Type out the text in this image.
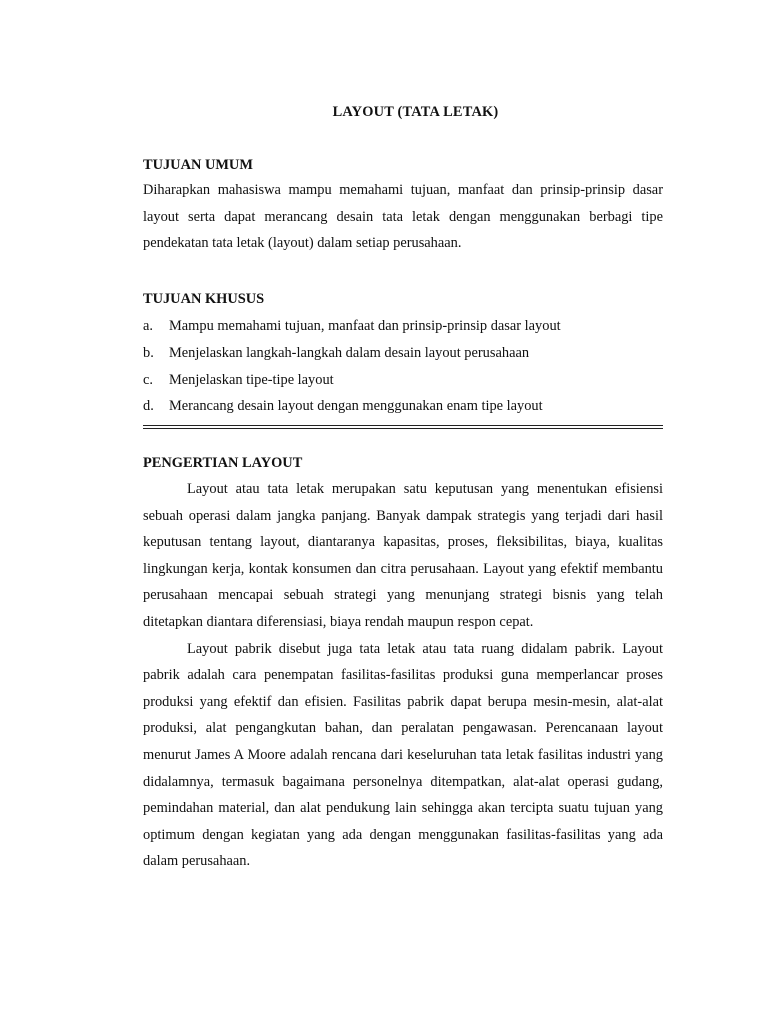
LAYOUT (TATA LETAK)

TUJUAN UMUM

Diharapkan mahasiswa mampu memahami tujuan, manfaat dan prinsip-prinsip dasar layout serta dapat merancang desain tata letak dengan menggunakan berbagi tipe pendekatan tata letak (layout) dalam setiap perusahaan.

TUJUAN KHUSUS

a.	Mampu memahami tujuan, manfaat dan prinsip-prinsip dasar layout
b.	Menjelaskan langkah-langkah dalam desain layout perusahaan
c.	Menjelaskan tipe-tipe layout
d.	Merancang desain layout dengan menggunakan enam tipe layout

PENGERTIAN LAYOUT

Layout atau tata letak merupakan satu keputusan yang menentukan efisiensi sebuah operasi dalam jangka panjang. Banyak dampak strategis yang terjadi dari hasil keputusan tentang layout, diantaranya kapasitas, proses, fleksibilitas, biaya, kualitas lingkungan kerja, kontak konsumen dan citra perusahaan. Layout yang efektif membantu perusahaan mencapai sebuah strategi yang menunjang strategi bisnis yang telah ditetapkan diantara diferensiasi, biaya rendah maupun respon cepat.

Layout pabrik disebut juga tata letak atau tata ruang didalam pabrik. Layout pabrik adalah cara penempatan fasilitas-fasilitas produksi guna memperlancar proses produksi yang efektif dan efisien. Fasilitas pabrik dapat berupa mesin-mesin, alat-alat produksi, alat pengangkutan bahan, dan peralatan pengawasan. Perencanaan layout menurut James A Moore adalah rencana dari keseluruhan tata letak fasilitas industri yang didalamnya, termasuk bagaimana personelnya ditempatkan, alat-alat operasi gudang, pemindahan material, dan alat pendukung lain sehingga akan tercipta suatu tujuan yang optimum dengan kegiatan yang ada dengan menggunakan fasilitas-fasilitas yang ada dalam perusahaan.
